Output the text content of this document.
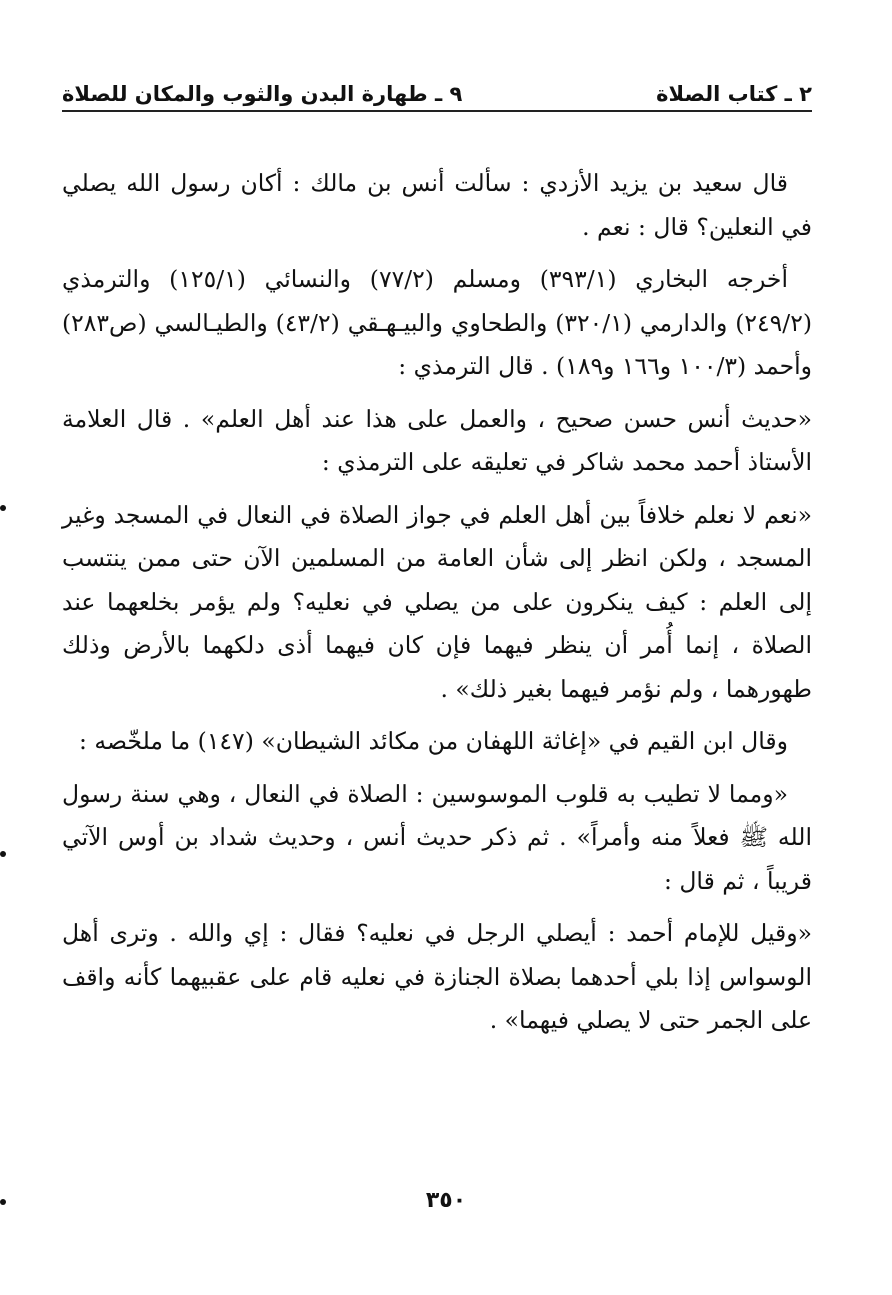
٢ ـ كتاب الصلاة
٩ ـ طهارة البدن والثوب والمكان للصلاة

قال سعيد بن يزيد الأزدي : سألت أنس بن مالك : أكان رسول الله يصلي في النعلين؟ قال : نعم .

أخرجه البخاري (٣٩٣/١) ومسلم (٧٧/٢) والنسائي (١٢٥/١) والترمذي (٢٤٩/٢) والدارمي (٣٢٠/١) والطحاوي والبيـهـقي (٤٣/٢) والطيـالسي (ص٢٨٣) وأحمد (١٠٠/٣ و١٦٦ و١٨٩) . قال الترمذي :

«حديث أنس حسن صحيح ، والعمل على هذا عند أهل العلم» . قال العلامة الأستاذ أحمد محمد شاكر في تعليقه على الترمذي :

«نعم لا نعلم خلافاً بين أهل العلم في جواز الصلاة في النعال في المسجد وغير المسجد ، ولكن انظر إلى شأن العامة من المسلمين الآن حتى ممن ينتسب إلى العلم : كيف ينكرون على من يصلي في نعليه؟ ولم يؤمر بخلعهما عند الصلاة ، إنما أُمر أن ينظر فيهما فإن كان فيهما أذى دلكهما بالأرض وذلك طهورهما ، ولم نؤمر فيهما بغير ذلك» .

وقال ابن القيم في «إغاثة اللهفان من مكائد الشيطان» (١٤٧) ما ملخّصه :

«ومما لا تطيب به قلوب الموسوسين : الصلاة في النعال ، وهي سنة رسول الله ﷺ فعلاً منه وأمراً» . ثم ذكر حديث أنس ، وحديث شداد بن أوس الآتي قريباً ، ثم قال :

«وقيل للإمام أحمد : أيصلي الرجل في نعليه؟ فقال : إي والله . وترى أهل الوسواس إذا بلي أحدهما بصلاة الجنازة في نعليه قام على عقبيهما كأنه واقف على الجمر حتى لا يصلي فيهما» .

٣٥٠
